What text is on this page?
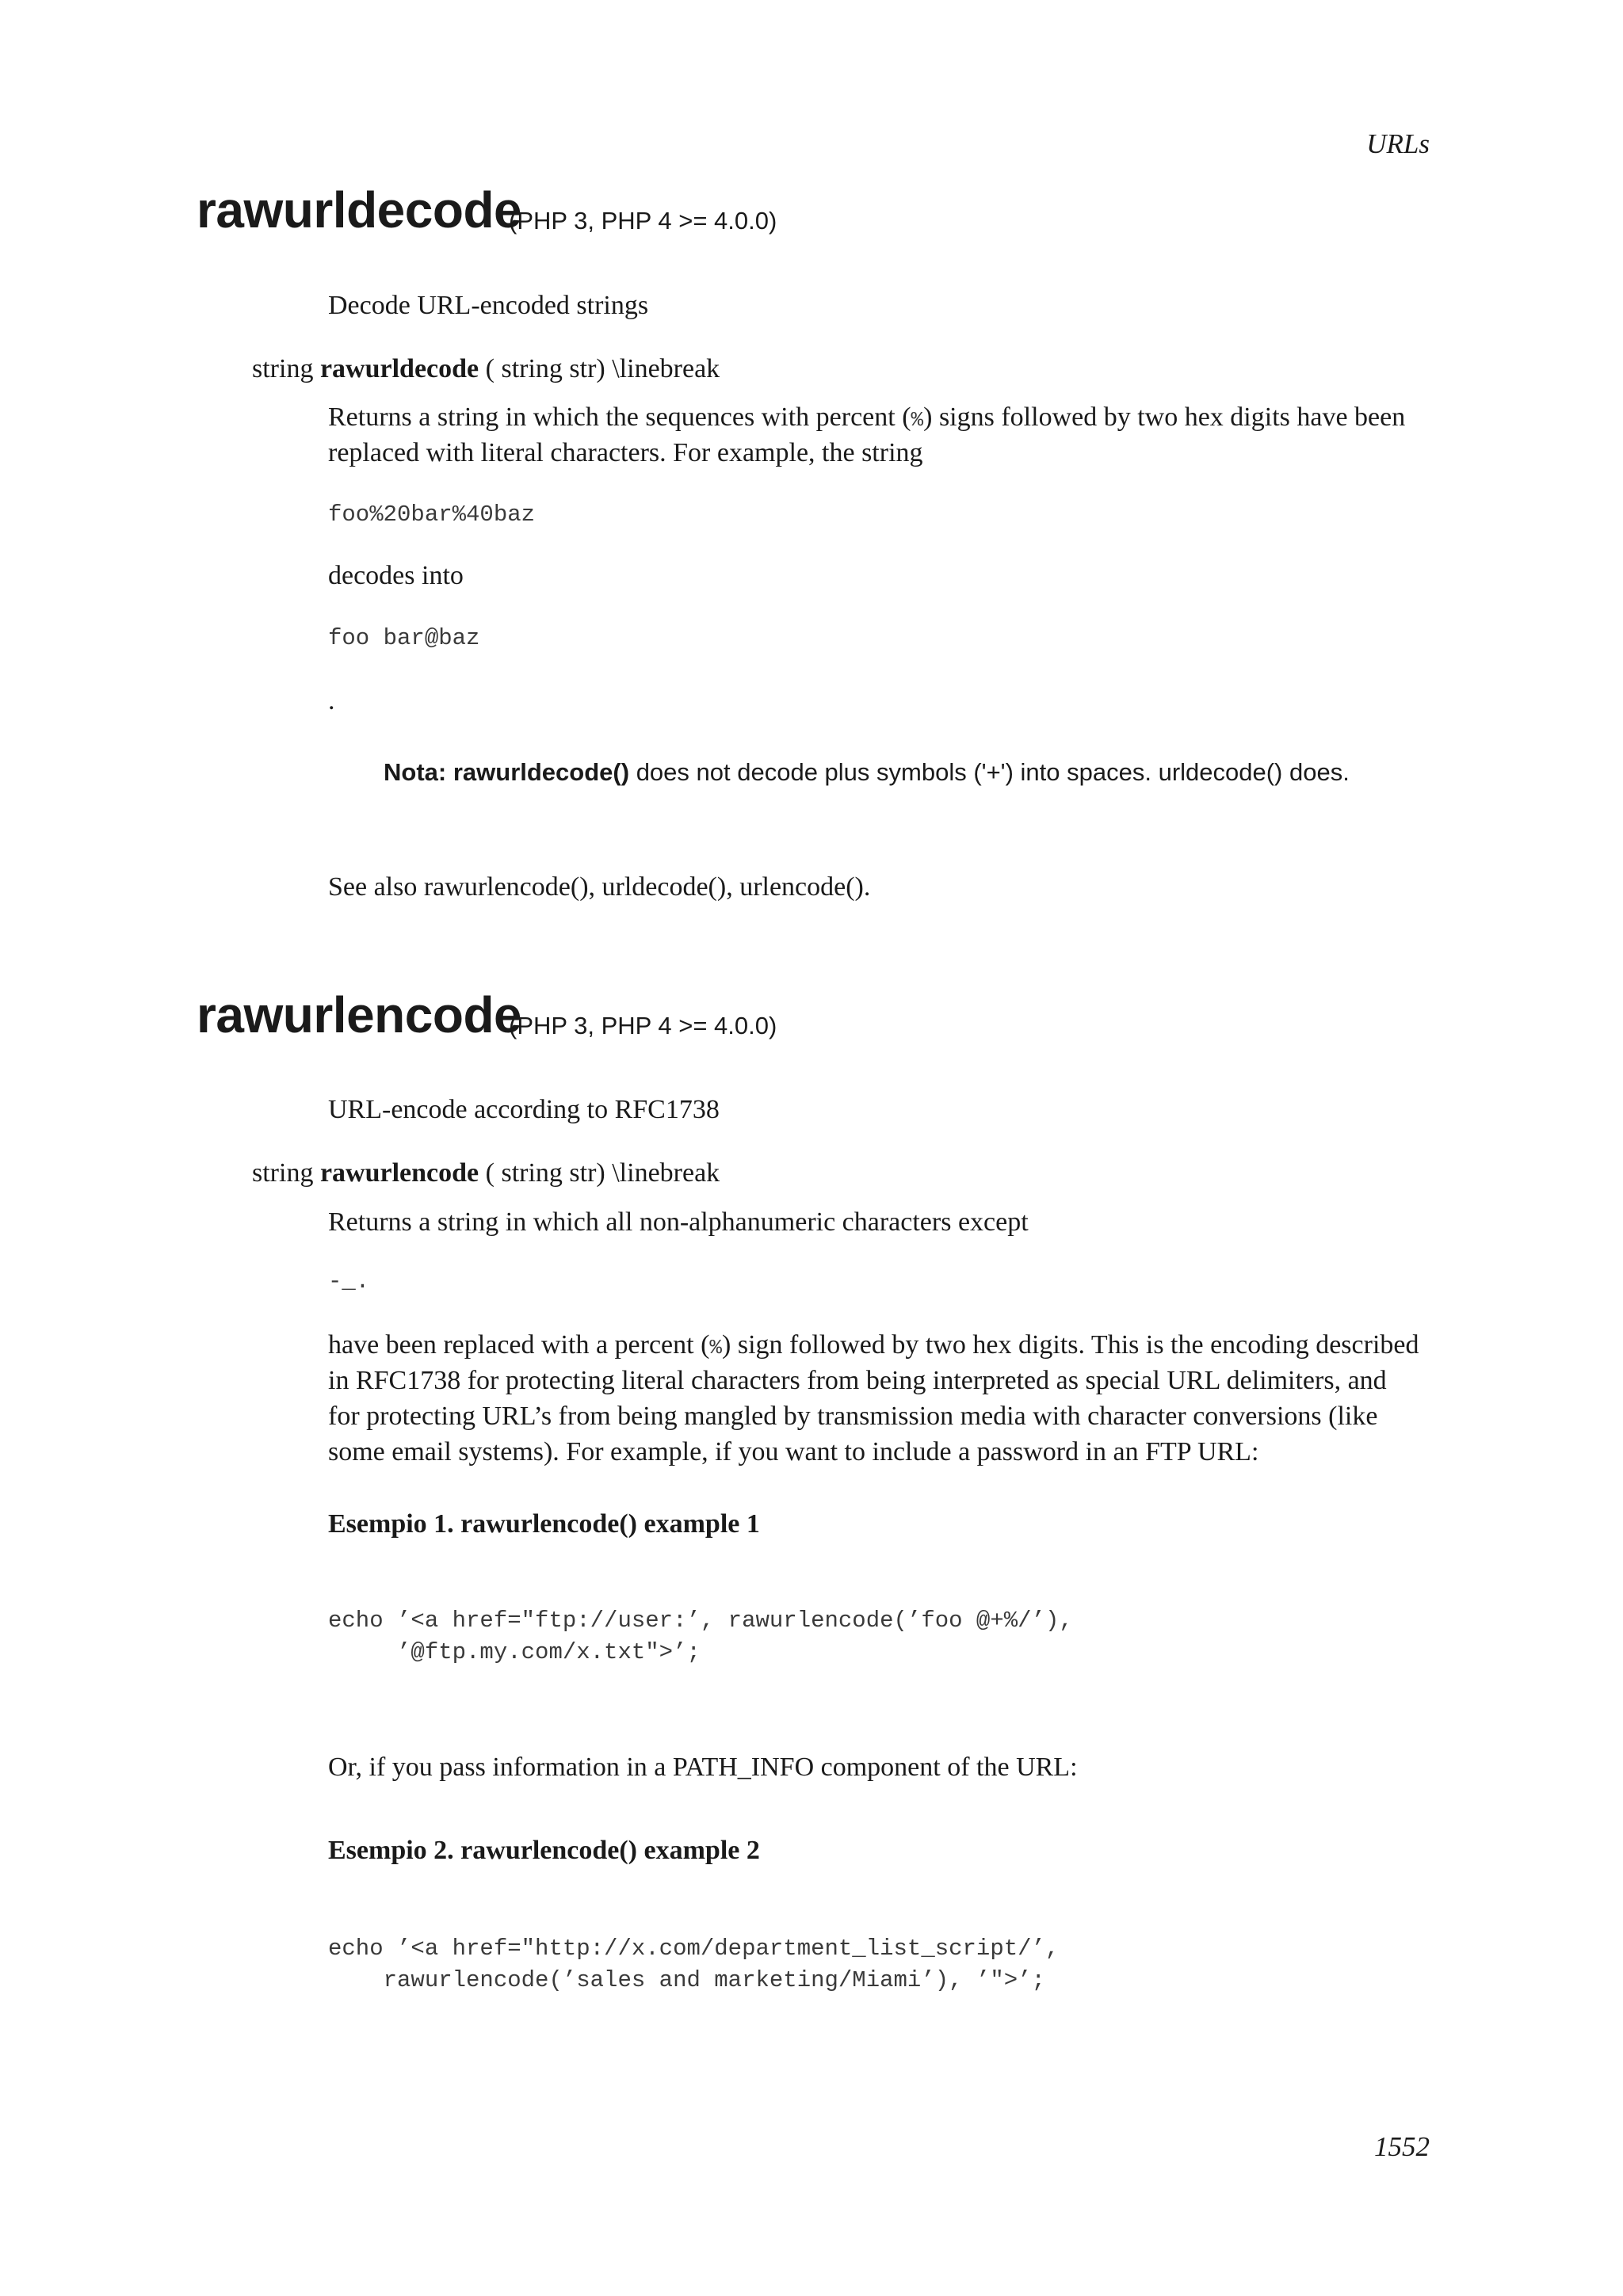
URLs
rawurldecode
(PHP 3, PHP 4 >= 4.0.0)
Decode URL-encoded strings
string rawurldecode ( string str) \linebreak
Returns a string in which the sequences with percent (%) signs followed by two hex digits have been
replaced with literal characters. For example, the string
foo%20bar%40baz
decodes into
foo bar@baz
.
Nota: rawurldecode() does not decode plus symbols ('+') into spaces. urldecode() does.
See also rawurlencode(), urldecode(), urlencode().
rawurlencode
(PHP 3, PHP 4 >= 4.0.0)
URL-encode according to RFC1738
string rawurlencode ( string str) \linebreak
Returns a string in which all non-alphanumeric characters except
-_.
have been replaced with a percent (%) sign followed by two hex digits. This is the encoding described
in RFC1738 for protecting literal characters from being interpreted as special URL delimiters, and
for protecting URL’s from being mangled by transmission media with character conversions (like
some email systems). For example, if you want to include a password in an FTP URL:
Esempio 1. rawurlencode() example 1
echo ’<a href="ftp://user:’, rawurlencode(’foo @+%/’),
’@ftp.my.com/x.txt">’;
Or, if you pass information in a PATH_INFO component of the URL:
Esempio 2. rawurlencode() example 2
echo ’<a href="http://x.com/department_list_script/’,
rawurlencode(’sales and marketing/Miami’), ’">’;
1552
